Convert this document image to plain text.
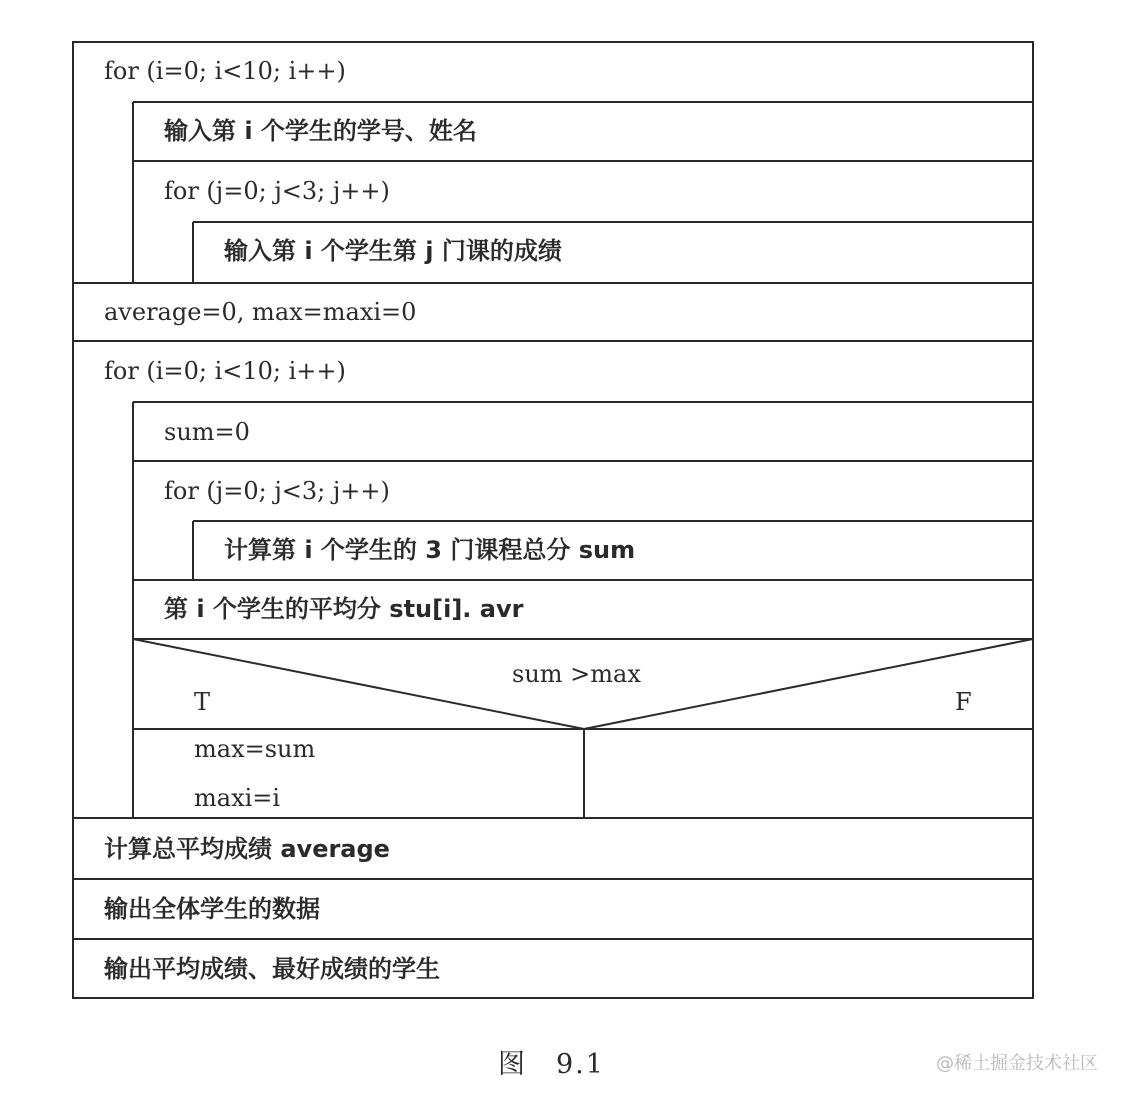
for (i=0; i<10; i++)
输入第 i 个学生的学号、姓名
for (j=0; j<3; j++)
输入第 i 个学生第 j 门课的成绩
average=0, max=maxi=0
for (i=0; i<10; i++)
sum=0
for (j=0; j<3; j++)
计算第 i 个学生的 3 门课程总分 sum
第 i 个学生的平均分 stu[i]. avr
sum >max
T	F
max=sum
maxi=i
计算总平均成绩 average
输出全体学生的数据
输出平均成绩、最好成绩的学生
图　9.1	@稀土掘金技术社区
